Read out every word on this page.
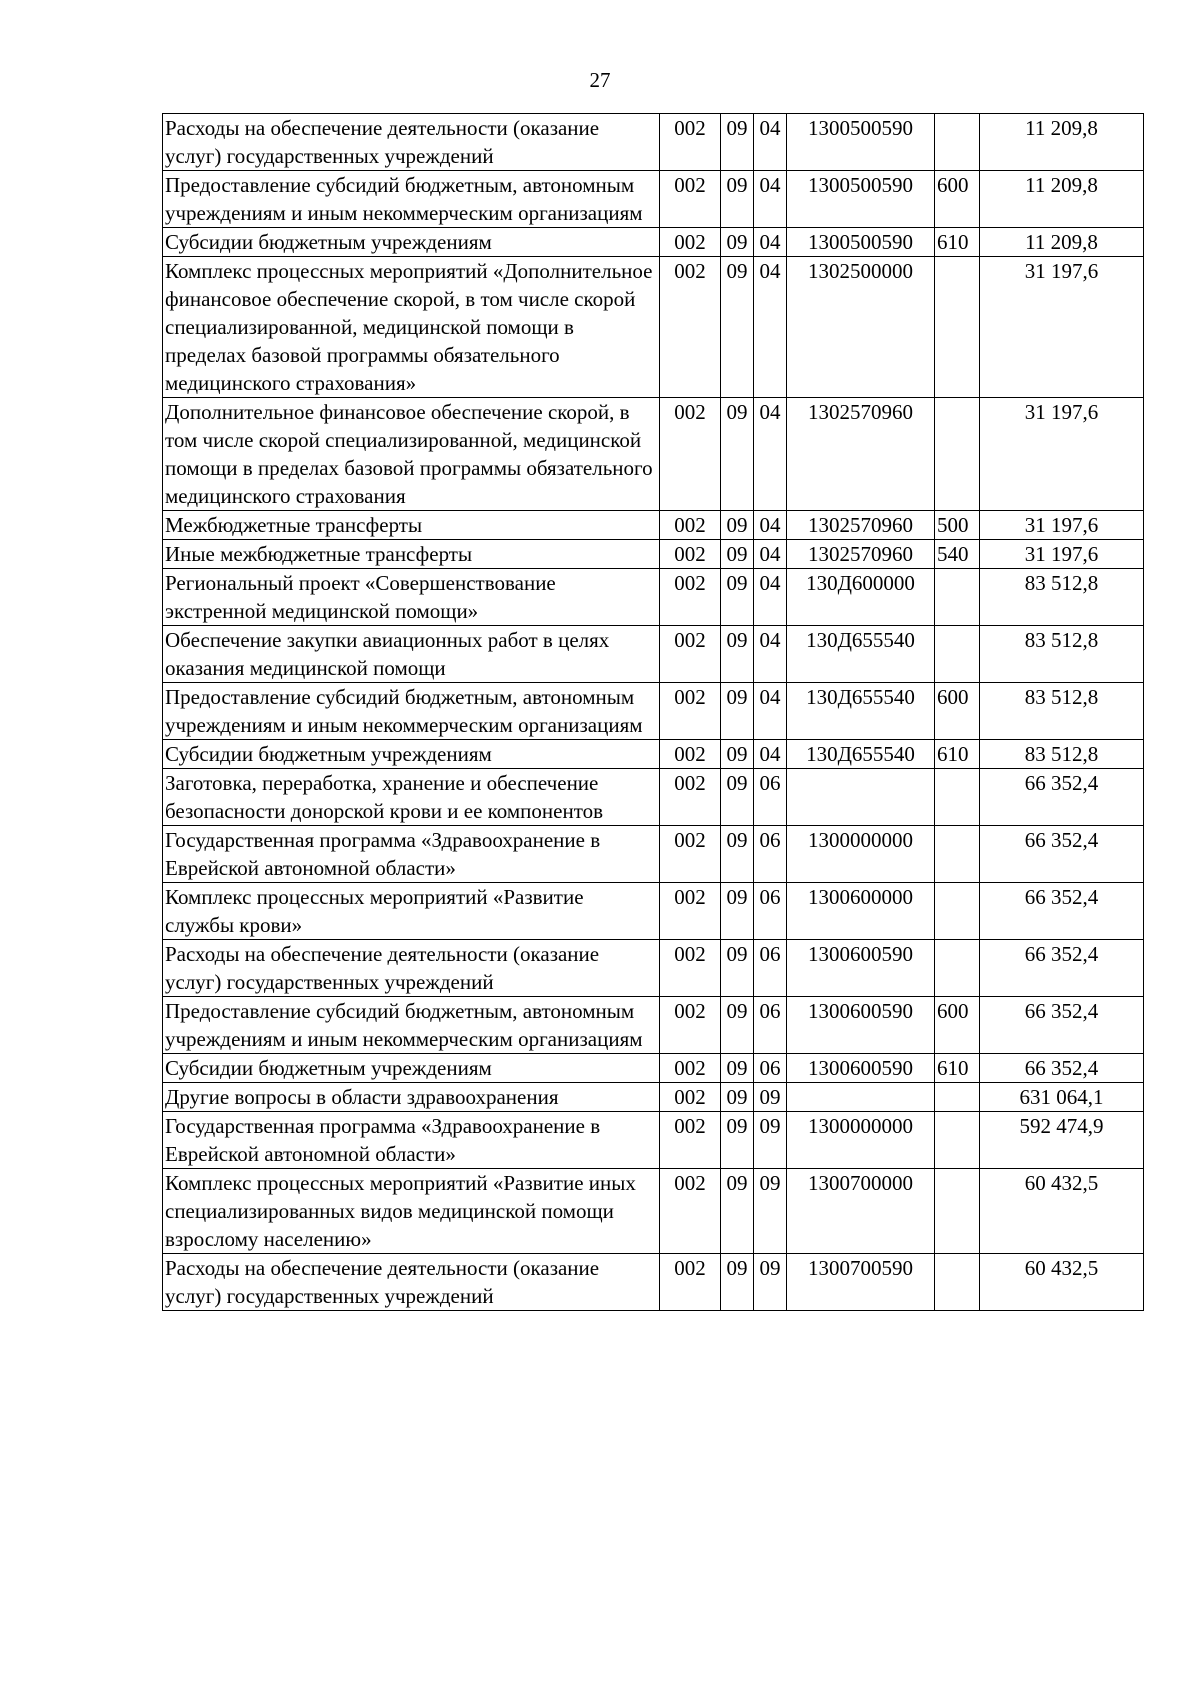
27
Расходы на обеспечение деятельности (оказание услуг) государственных учреждений	002	09	04	1300500590		11 209,8
Предоставление субсидий бюджетным, автономным учреждениям и иным некоммерческим организациям	002	09	04	1300500590	600	11 209,8
Субсидии бюджетным учреждениям	002	09	04	1300500590	610	11 209,8
Комплекс процессных мероприятий «Дополнительное финансовое обеспечение скорой, в том числе скорой специализированной, медицинской помощи в пределах базовой программы обязательного медицинского страхования»	002	09	04	1302500000		31 197,6
Дополнительное финансовое обеспечение скорой, в том числе скорой специализированной, медицинской помощи в пределах базовой программы обязательного медицинского страхования	002	09	04	1302570960		31 197,6
Межбюджетные трансферты	002	09	04	1302570960	500	31 197,6
Иные межбюджетные трансферты	002	09	04	1302570960	540	31 197,6
Региональный проект «Совершенствование экстренной медицинской помощи»	002	09	04	130Д600000		83 512,8
Обеспечение закупки авиационных работ в целях оказания медицинской помощи	002	09	04	130Д655540		83 512,8
Предоставление субсидий бюджетным, автономным учреждениям и иным некоммерческим организациям	002	09	04	130Д655540	600	83 512,8
Субсидии бюджетным учреждениям	002	09	04	130Д655540	610	83 512,8
Заготовка, переработка, хранение и обеспечение безопасности донорской крови и ее компонентов	002	09	06			66 352,4
Государственная программа «Здравоохранение в Еврейской автономной области»	002	09	06	1300000000		66 352,4
Комплекс процессных мероприятий «Развитие службы крови»	002	09	06	1300600000		66 352,4
Расходы на обеспечение деятельности (оказание услуг) государственных учреждений	002	09	06	1300600590		66 352,4
Предоставление субсидий бюджетным, автономным учреждениям и иным некоммерческим организациям	002	09	06	1300600590	600	66 352,4
Субсидии бюджетным учреждениям	002	09	06	1300600590	610	66 352,4
Другие вопросы в области здравоохранения	002	09	09			631 064,1
Государственная программа «Здравоохранение в Еврейской автономной области»	002	09	09	1300000000		592 474,9
Комплекс процессных мероприятий «Развитие иных специализированных видов медицинской помощи взрослому населению»	002	09	09	1300700000		60 432,5
Расходы на обеспечение деятельности (оказание услуг) государственных учреждений	002	09	09	1300700590		60 432,5
